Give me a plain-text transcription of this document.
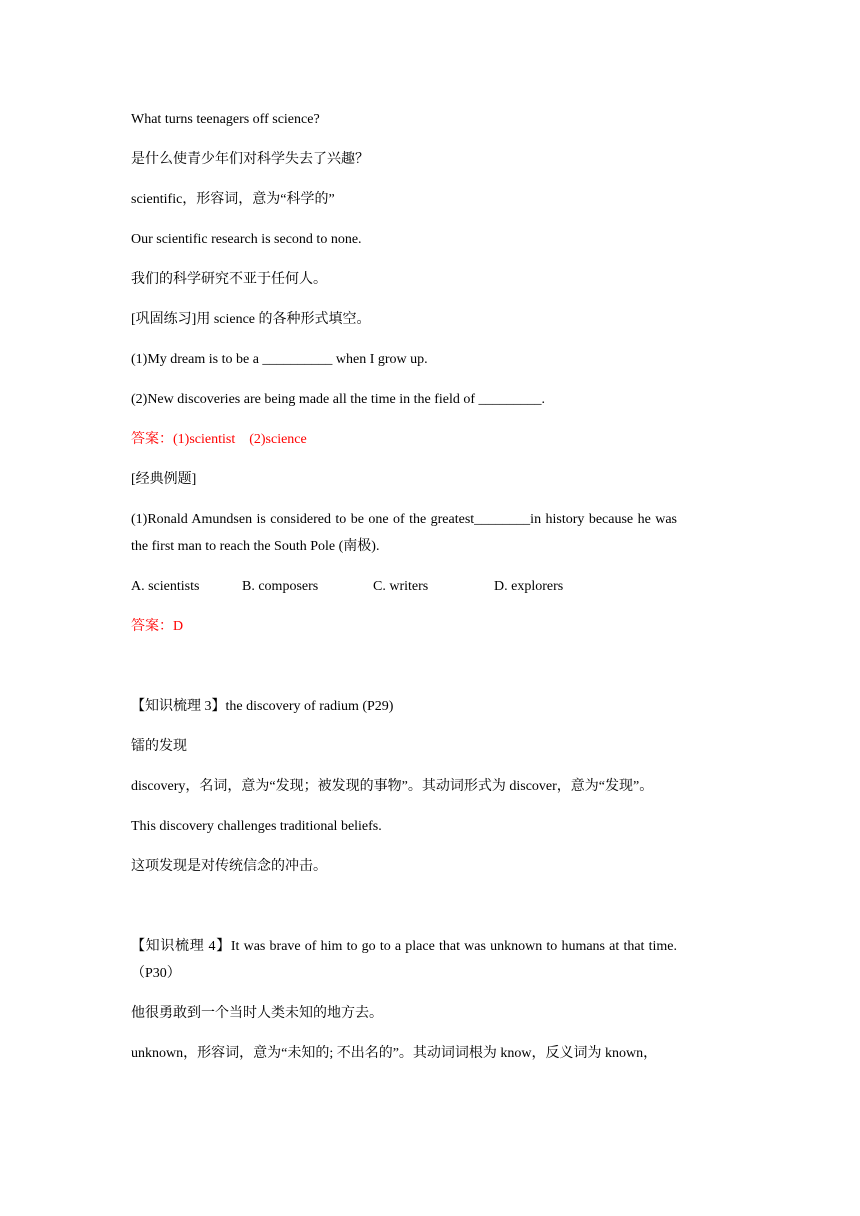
What turns teenagers off science?

是什么使青少年们对科学失去了兴趣？

scientific，形容词，意为“科学的”

Our scientific research is second to none.

我们的科学研究不亚于任何人。

[巩固练习]用 science 的各种形式填空。

(1)My dream is to be a __________ when I grow up.

(2)New discoveries are being made all the time in the field of _________.

答案：(1)scientist    (2)science

[经典例题]

(1)Ronald Amundsen is considered to be one of the greatest________in history because he was the first man to reach the South Pole (南极).

A. scientists	B. composers	C. writers	D. explorers

答案：D

【知识梳理 3】the discovery of radium (P29)

镭的发现

discovery，名词，意为“发现；被发现的事物”。其动词形式为 discover，意为“发现”。

This discovery challenges traditional beliefs.

这项发现是对传统信念的冲击。

【知识梳理 4】It was brave of him to go to a place that was unknown to humans at that time. （P30）

他很勇敢到一个当时人类未知的地方去。

unknown，形容词，意为“未知的; 不出名的”。其动词词根为 know，反义词为 known，
